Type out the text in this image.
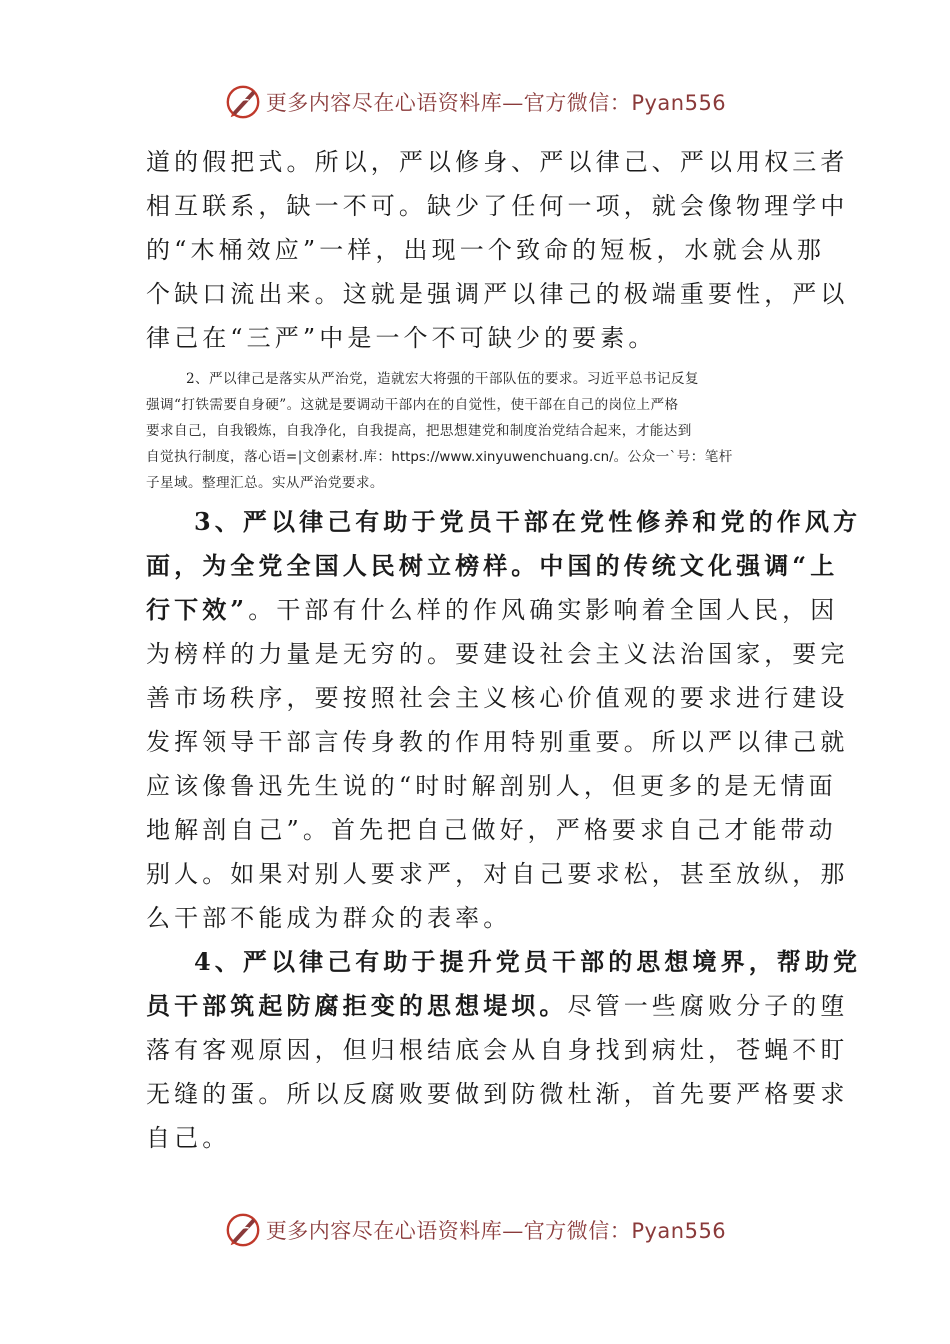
更多内容尽在心语资料库—官方微信：Pyan556
道的假把式。所以，严以修身、严以律己、严以用权三者
相互联系，缺一不可。缺少了任何一项，就会像物理学中
的“木桶效应”一样，出现一个致命的短板，水就会从那
个缺口流出来。这就是强调严以律己的极端重要性，严以
律己在“三严”中是一个不可缺少的要素。
2、严以律己是落实从严治党，造就宏大将强的干部队伍的要求。习近平总书记反复
强调“打铁需要自身硬”。这就是要调动干部内在的自觉性，使干部在自己的岗位上严格
要求自己，自我锻炼，自我净化，自我提高，把思想建党和制度治党结合起来，才能达到
自觉执行制度，落心语=|文创素材.库：https://www.xinyuwenchuang.cn/。公众一`号：笔杆
子星域。整理汇总。实从严治党要求。
3、严以律己有助于党员干部在党性修养和党的作风方
面，为全党全国人民树立榜样。中国的传统文化强调“上
行下效”。干部有什么样的作风确实影响着全国人民，因
为榜样的力量是无穷的。要建设社会主义法治国家，要完
善市场秩序，要按照社会主义核心价值观的要求进行建设
发挥领导干部言传身教的作用特别重要。所以严以律己就
应该像鲁迅先生说的“时时解剖别人，但更多的是无情面
地解剖自己”。首先把自己做好，严格要求自己才能带动
别人。如果对别人要求严，对自己要求松，甚至放纵，那
么干部不能成为群众的表率。
4、严以律己有助于提升党员干部的思想境界，帮助党
员干部筑起防腐拒变的思想堤坝。尽管一些腐败分子的堕
落有客观原因，但归根结底会从自身找到病灶，苍蝇不盯
无缝的蛋。所以反腐败要做到防微杜渐，首先要严格要求
自己。
更多内容尽在心语资料库—官方微信：Pyan556
